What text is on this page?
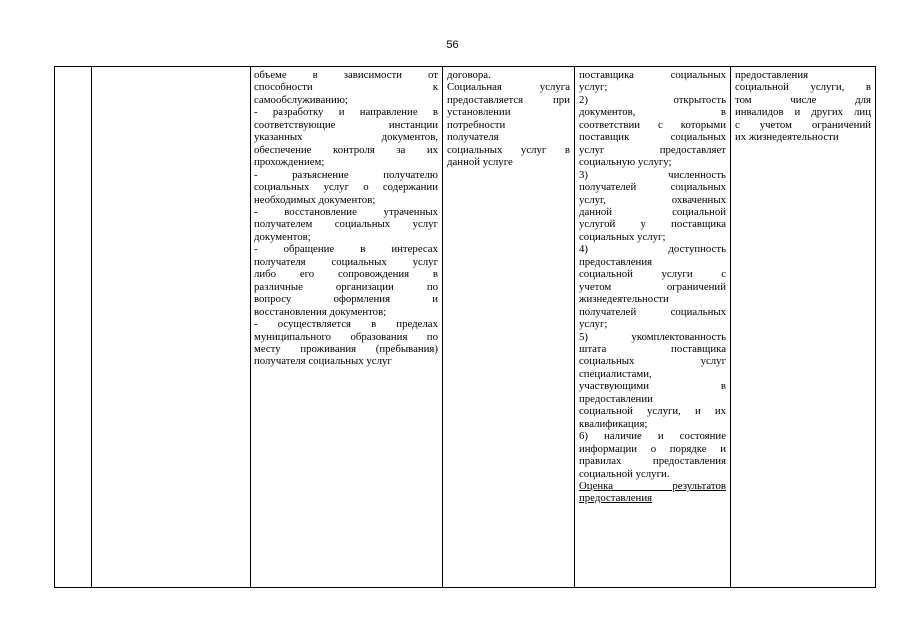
56
объеме в зависимости от
способности к
самообслуживанию;
- разработку и направление в
соответствующие инстанции
указанных документов,
обеспечение контроля за их
прохождением;
- разъяснение получателю
социальных услуг о содержании
необходимых документов;
- восстановление утраченных
получателем социальных услуг
документов;
- обращение в интересах
получателя социальных услуг
либо его сопровождения в
различные организации по
вопросу оформления и
восстановления документов;
- осуществляется в пределах
муниципального образования по
месту проживания (пребывания)
получателя социальных услуг
договора.
Социальная услуга
предоставляется при
установлении
потребности
получателя
социальных услуг в
данной услуге
поставщика социальных
услуг;
2) открытость
документов, в
соответствии с которыми
поставщик социальных
услуг предоставляет
социальную услугу;
3) численность
получателей социальных
услуг, охваченных
данной социальной
услугой у поставщика
социальных услуг;
4) доступность
предоставления
социальной услуги с
учетом ограничений
жизнедеятельности
получателей социальных
услуг;
5) укомплектованность
штата поставщика
социальных услуг
специалистами,
участвующими в
предоставлении
социальной услуги, и их
квалификация;
6) наличие и состояние
информации о порядке и
правилах предоставления
социальной услуги.
Оценка результатов
предоставления
предоставления
социальной услуги, в
том числе для
инвалидов и других лиц
с учетом ограничений
их жизнедеятельности
